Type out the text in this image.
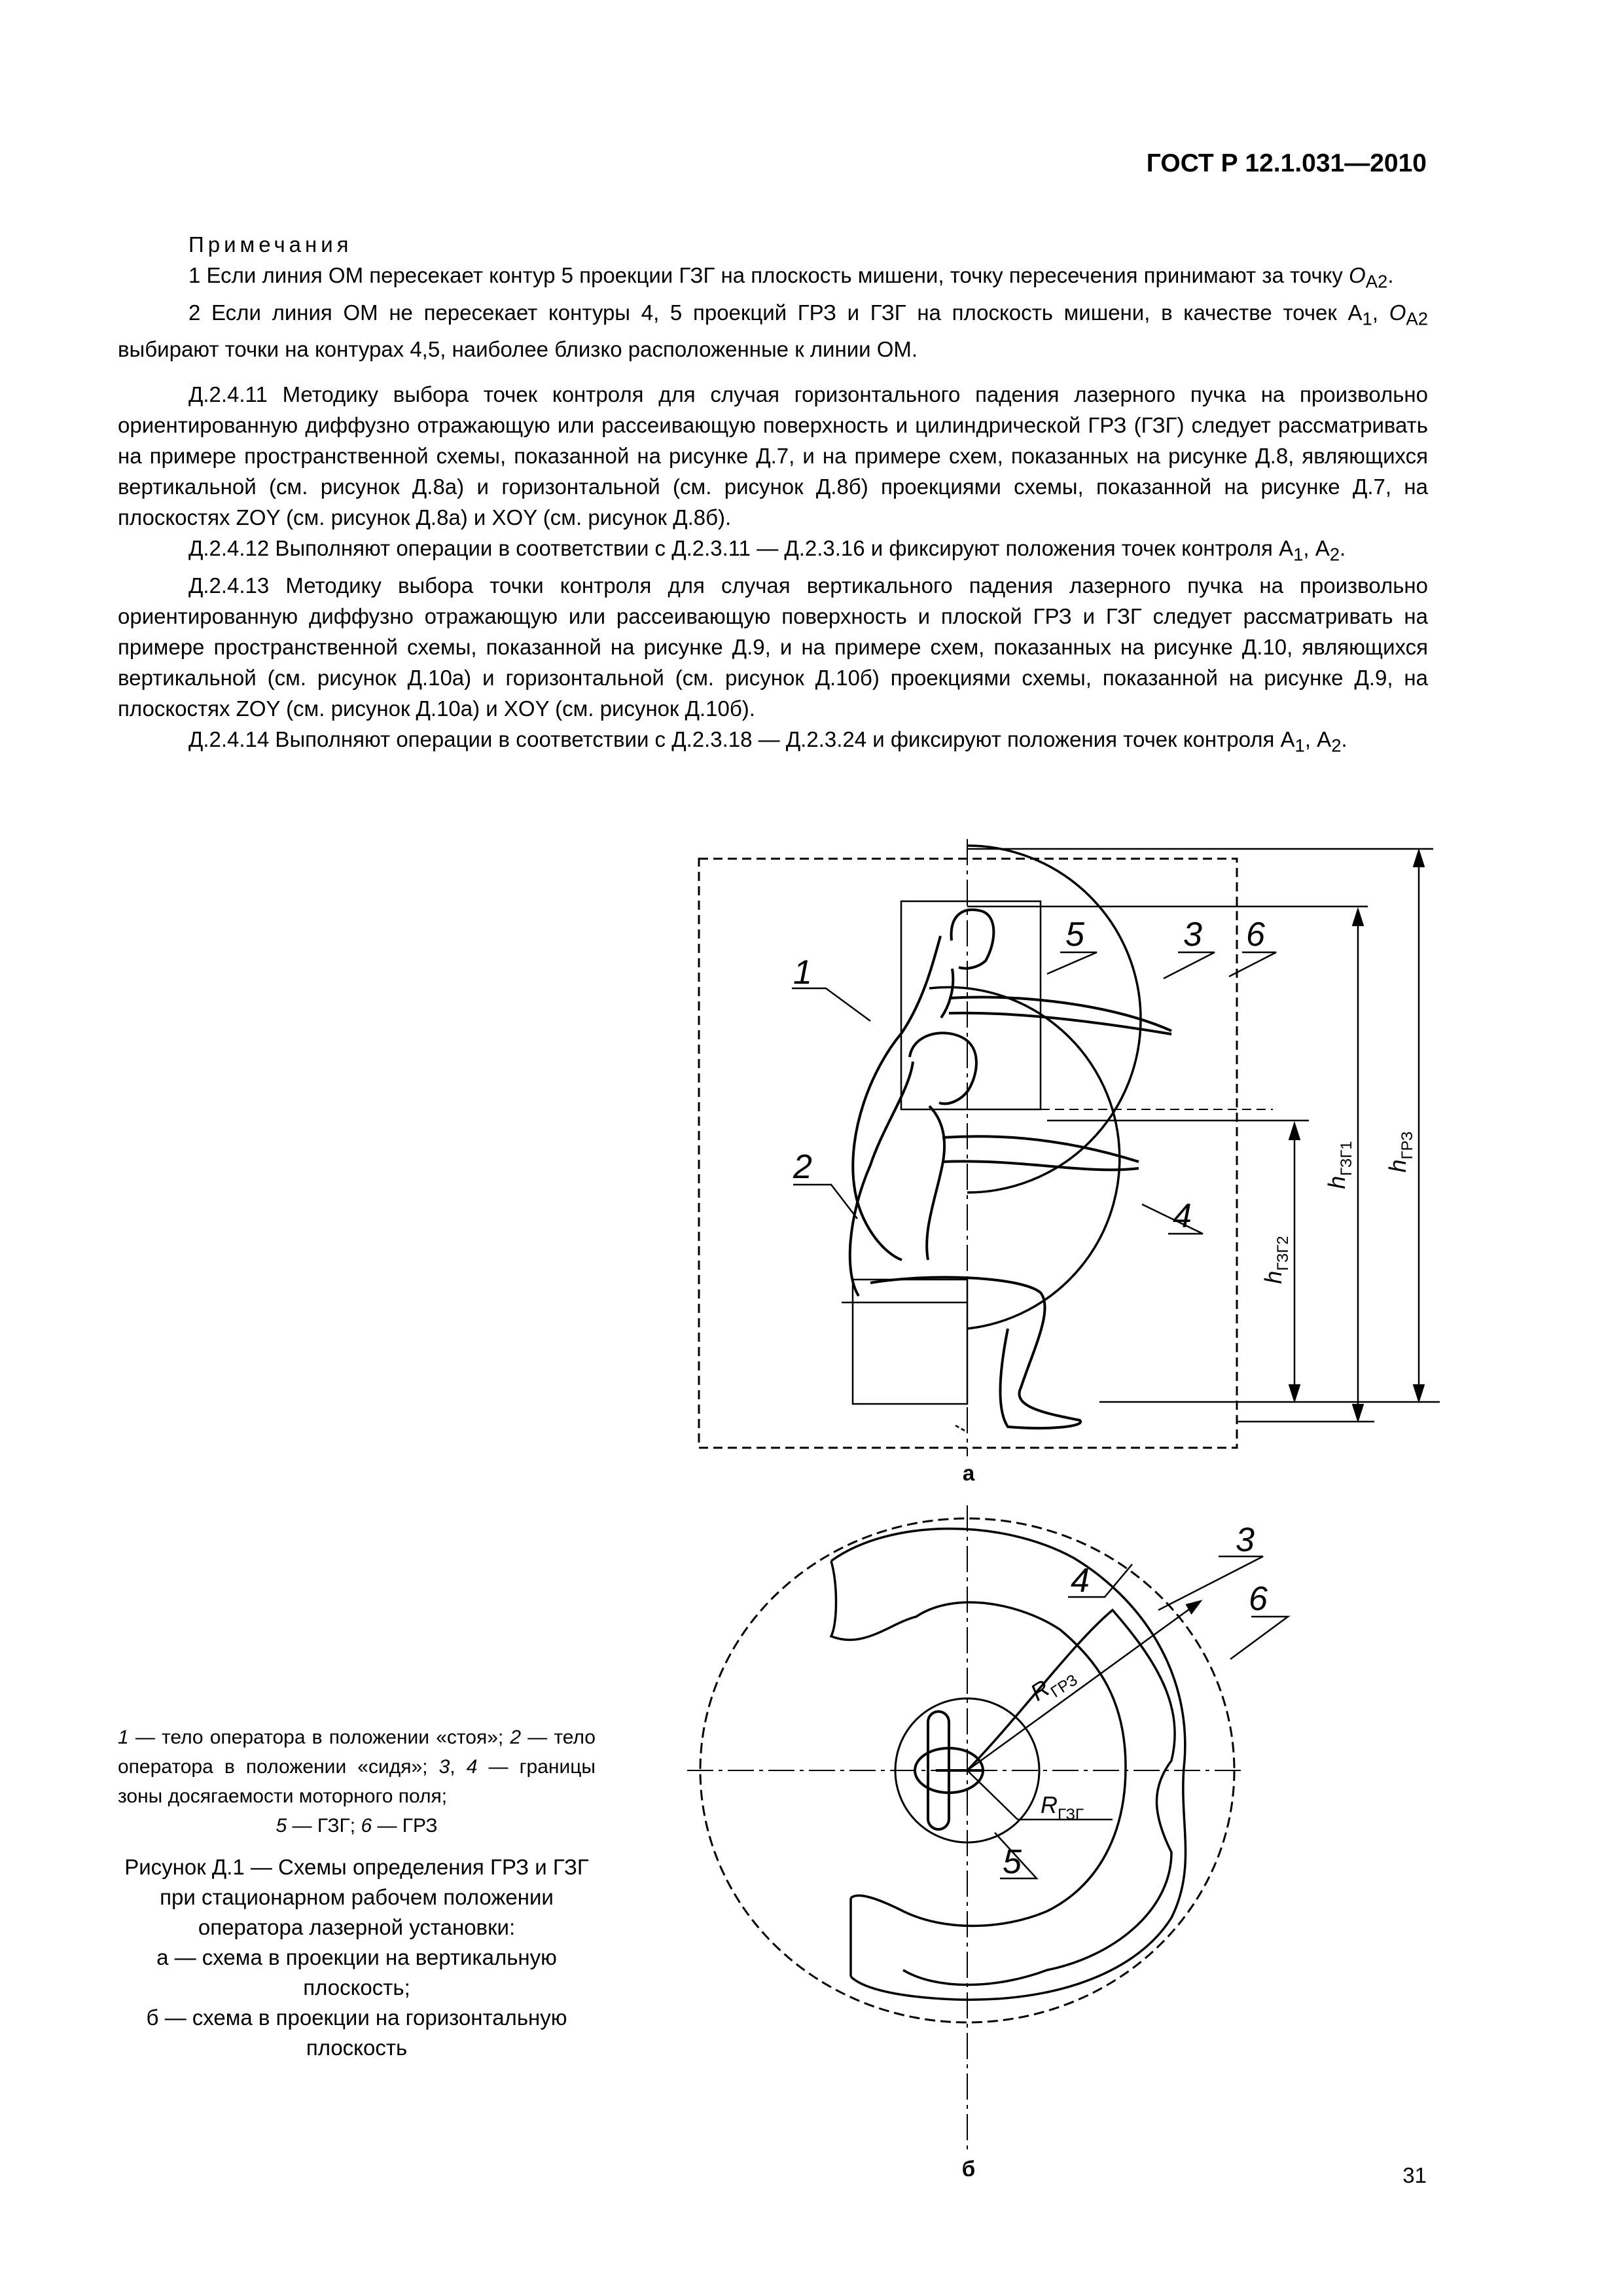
ГОСТ Р 12.1.031—2010

Примечания

1 Если линия ОМ пересекает контур 5 проекции ГЗГ на плоскость мишени, точку пересечения принимают за точку $O_{A2}$.

2 Если линия ОМ не пересекает контуры 4, 5 проекций ГРЗ и ГЗГ на плоскость мишени, в качестве точек $А_1$, $O_{A2}$ выбирают точки на контурах 4,5, наиболее близко расположенные к линии ОМ.

Д.2.4.11 Методику выбора точек контроля для случая горизонтального падения лазерного пучка на произвольно ориентированную диффузно отражающую или рассеивающую поверхность и цилиндрической ГРЗ (ГЗГ) следует рассматривать на примере пространственной схемы, показанной на рисунке Д.7, и на примере схем, показанных на рисунке Д.8, являющихся вертикальной (см. рисунок Д.8а) и горизонтальной (см. рисунок Д.8б) проекциями схемы, показанной на рисунке Д.7, на плоскостях ZOY (см. рисунок Д.8а) и XOY (см. рисунок Д.8б).

Д.2.4.12 Выполняют операции в соответствии с Д.2.3.11 — Д.2.3.16 и фиксируют положения точек контроля $А_1$, $А_2$.

Д.2.4.13 Методику выбора точки контроля для случая вертикального падения лазерного пучка на произвольно ориентированную диффузно отражающую или рассеивающую поверхность и плоской ГРЗ и ГЗГ следует рассматривать на примере пространственной схемы, показанной на рисунке Д.9, и на примере схем, показанных на рисунке Д.10, являющихся вертикальной (см. рисунок Д.10а) и горизонтальной (см. рисунок Д.10б) проекциями схемы, показанной на рисунке Д.9, на плоскостях ZOY (см. рисунок Д.10а) и XOY (см. рисунок Д.10б).

Д.2.4.14 Выполняют операции в соответствии с Д.2.3.18 — Д.2.3.24 и фиксируют положения точек контроля $А_1$, $А_2$.

1
5	3 6
2
4
3
4	6
5
$h_{ГРЗ}$
$h_{ГЗГ1}$
$h_{ГЗГ2}$
$R_{ГРЗ}$
$R_{ГЗГ}$
а
б
1 — тело оператора в положении «стоя»; 2 — тело оператора в положении «сидя»; 3, 4 — границы зоны досягаемости моторного поля;
5 — ГЗГ; 6 — ГРЗ
Рисунок Д.1 — Схемы определения ГРЗ и ГЗГ при стационарном рабочем положении оператора лазерной установки:
а — схема в проекции на вертикальную плоскость;
б — схема в проекции на горизонтальную плоскость
31
